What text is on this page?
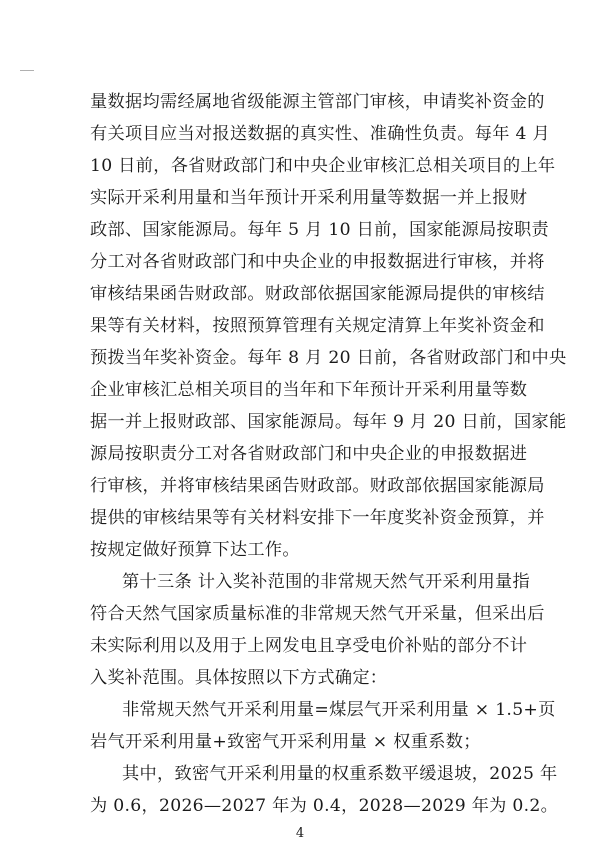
量数据均需经属地省级能源主管部门审核，申请奖补资金的
有关项目应当对报送数据的真实性、准确性负责。每年 4 月
10 日前，各省财政部门和中央企业审核汇总相关项目的上年
实际开采利用量和当年预计开采利用量等数据一并上报财
政部、国家能源局。每年 5 月 10 日前，国家能源局按职责
分工对各省财政部门和中央企业的申报数据进行审核，并将
审核结果函告财政部。财政部依据国家能源局提供的审核结
果等有关材料，按照预算管理有关规定清算上年奖补资金和
预拨当年奖补资金。每年 8 月 20 日前，各省财政部门和中央
企业审核汇总相关项目的当年和下年预计开采利用量等数
据一并上报财政部、国家能源局。每年 9 月 20 日前，国家能
源局按职责分工对各省财政部门和中央企业的申报数据进
行审核，并将审核结果函告财政部。财政部依据国家能源局
提供的审核结果等有关材料安排下一年度奖补资金预算，并
按规定做好预算下达工作。
第十三条 计入奖补范围的非常规天然气开采利用量指
符合天然气国家质量标准的非常规天然气开采量，但采出后
未实际利用以及用于上网发电且享受电价补贴的部分不计
入奖补范围。具体按照以下方式确定：
非常规天然气开采利用量=煤层气开采利用量 × 1.5+页
岩气开采利用量+致密气开采利用量 × 权重系数；
其中，致密气开采利用量的权重系数平缓退坡，2025 年
4
为 0.6，2026—2027 年为 0.4，2028—2029 年为 0.2。
